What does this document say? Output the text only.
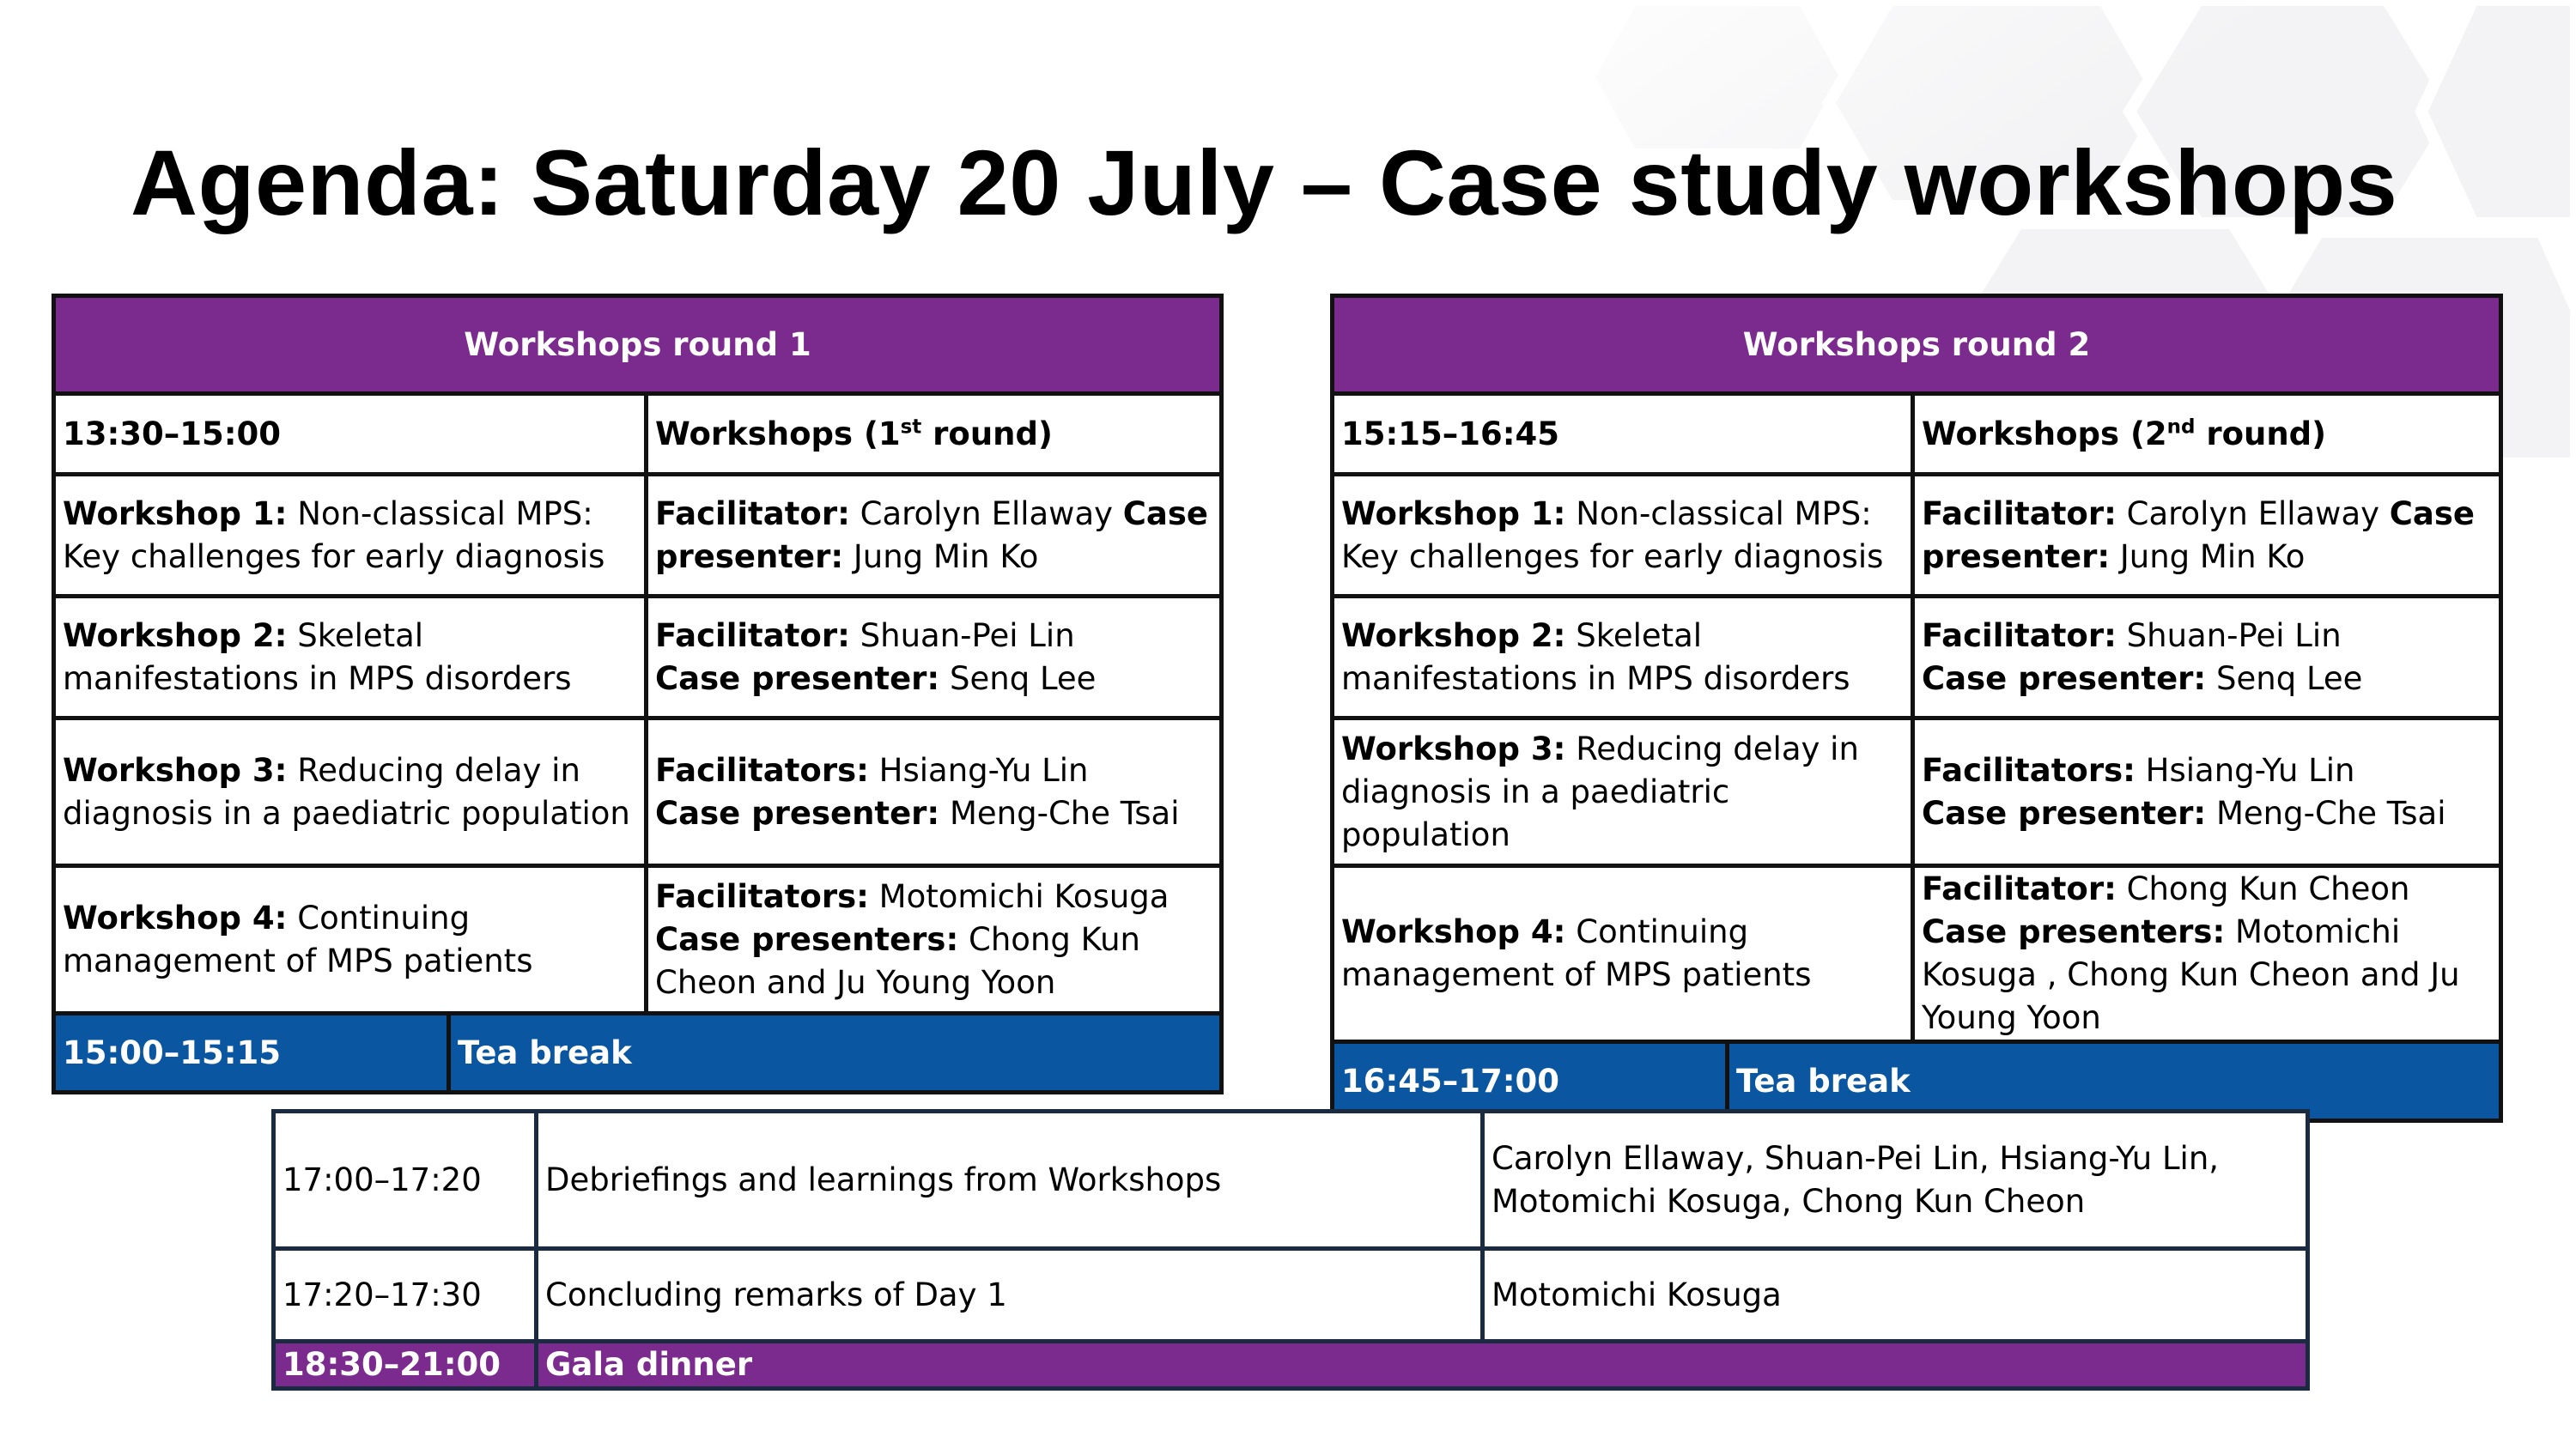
Agenda: Saturday 20 July – Case study workshops
Workshops round 1		
13:30–15:00		Workshops (1st round)
Workshop 1: Non-classical MPS: Key challenges for early diagnosis		Facilitator: Carolyn Ellaway Case presenter: Jung Min Ko
Workshop 2: Skeletal manifestations in MPS disorders		Facilitator: Shuan-Pei Lin
Case presenter: Senq Lee
Workshop 3: Reducing delay in diagnosis in a paediatric population		Facilitators: Hsiang-Yu Lin
Case presenter: Meng-Che Tsai
Workshop 4: Continuing management of MPS patients		Facilitators: Motomichi Kosuga
Case presenters: Chong Kun Cheon and Ju Young Yoon
15:00–15:15	Tea break	
Workshops round 2		
15:15–16:45		Workshops (2nd round)
Workshop 1: Non-classical MPS: Key challenges for early diagnosis		Facilitator: Carolyn Ellaway Case presenter: Jung Min Ko
Workshop 2: Skeletal manifestations in MPS disorders		Facilitator: Shuan-Pei Lin
Case presenter: Senq Lee
Workshop 3: Reducing delay in diagnosis in a paediatric population		Facilitators: Hsiang-Yu Lin
Case presenter: Meng-Che Tsai
Workshop 4: Continuing management of MPS patients		Facilitator: Chong Kun Cheon
Case presenters: Motomichi Kosuga , Chong Kun Cheon and Ju Young Yoon
16:45–17:00	Tea break	
17:00–17:20	Debriefings and learnings from Workshops	Carolyn Ellaway, Shuan-Pei Lin, Hsiang-Yu Lin, Motomichi Kosuga, Chong Kun Cheon
17:20–17:30	Concluding remarks of Day 1	Motomichi Kosuga
18:30–21:00	Gala dinner	
